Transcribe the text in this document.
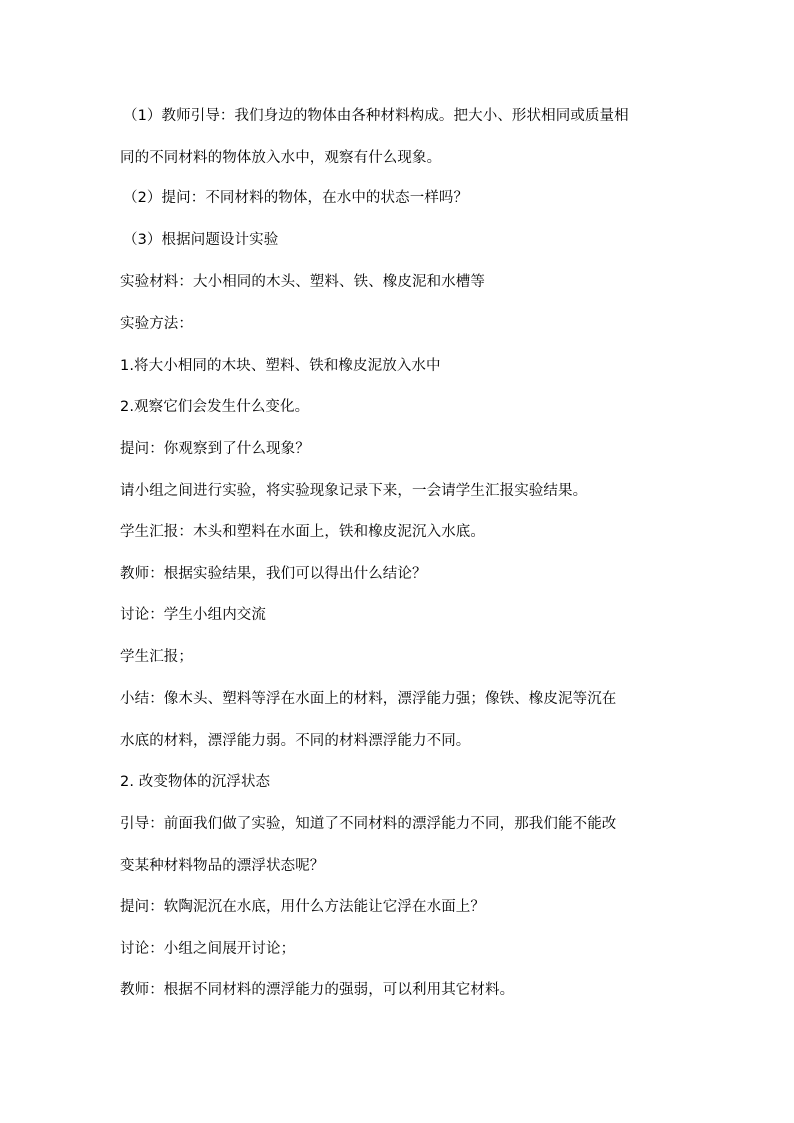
（1）教师引导：我们身边的物体由各种材料构成。把大小、形状相同或质量相
同的不同材料的物体放入水中，观察有什么现象。
（2）提问：不同材料的物体，在水中的状态一样吗？
（3）根据问题设计实验
实验材料：大小相同的木头、塑料、铁、橡皮泥和水槽等
实验方法：
1.将大小相同的木块、塑料、铁和橡皮泥放入水中
2.观察它们会发生什么变化。
提问：你观察到了什么现象？
请小组之间进行实验，将实验现象记录下来，一会请学生汇报实验结果。
学生汇报：木头和塑料在水面上，铁和橡皮泥沉入水底。
教师：根据实验结果，我们可以得出什么结论？
讨论：学生小组内交流
学生汇报；
小结：像木头、塑料等浮在水面上的材料，漂浮能力强；像铁、橡皮泥等沉在
水底的材料，漂浮能力弱。不同的材料漂浮能力不同。
2. 改变物体的沉浮状态
引导：前面我们做了实验，知道了不同材料的漂浮能力不同，那我们能不能改
变某种材料物品的漂浮状态呢？
提问：软陶泥沉在水底，用什么方法能让它浮在水面上？
讨论：小组之间展开讨论；
教师：根据不同材料的漂浮能力的强弱，可以利用其它材料。
